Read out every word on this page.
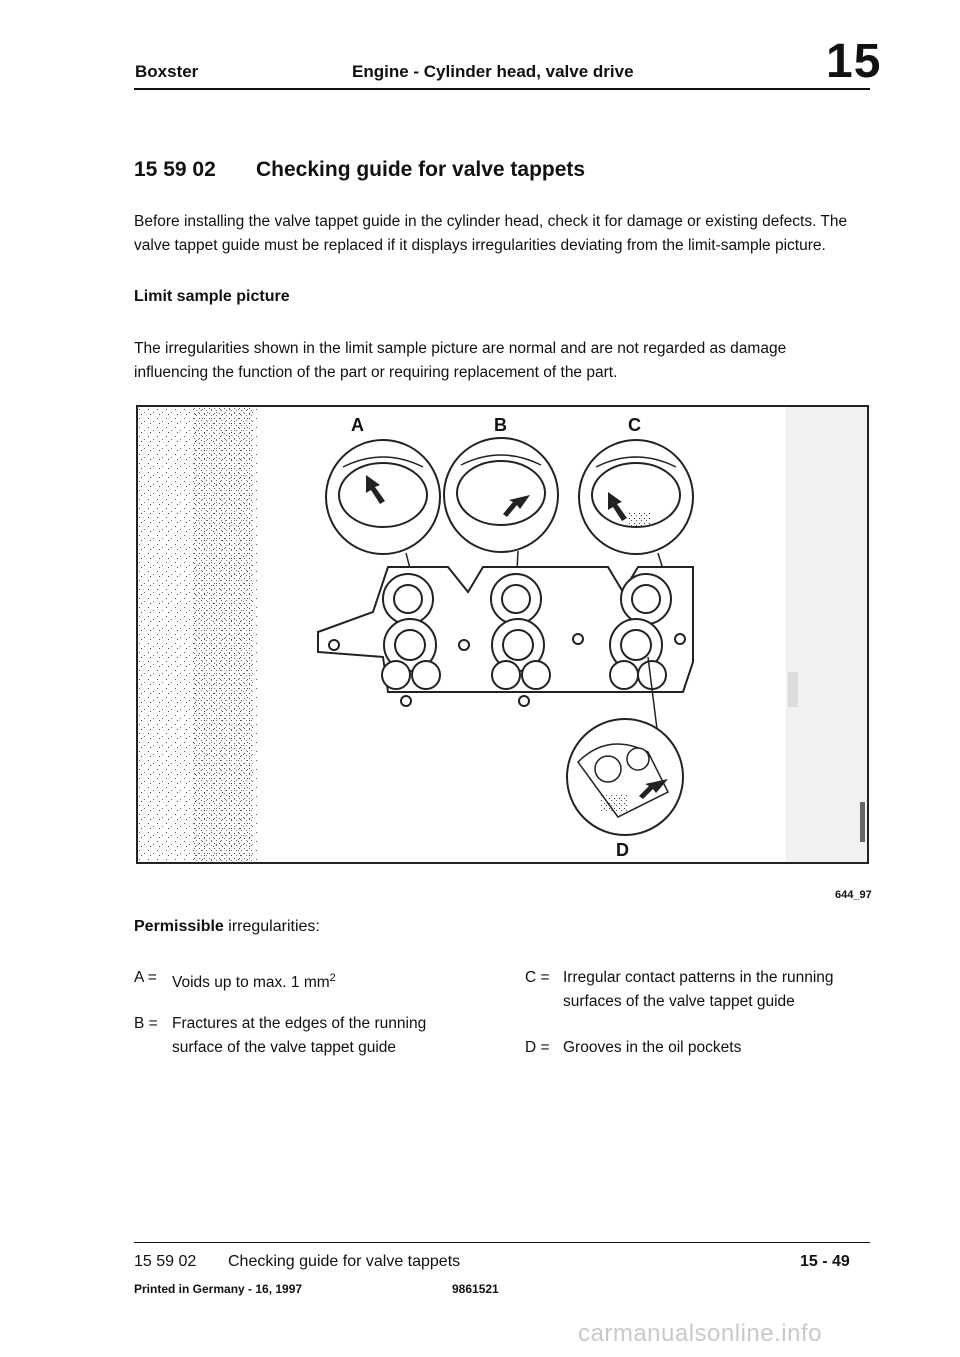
Boxster	Engine - Cylinder head, valve drive	15
15 59 02 Checking guide for valve tappets
Before installing the valve tappet guide in the cylinder head, check it for damage or existing defects. The valve tappet guide must be replaced if it displays irregularities deviating from the limit-sample picture.
Limit sample picture
The irregularities shown in the limit sample picture are normal and are not regarded as damage influencing the function of the part or requiring replacement of the part.
A	B	C
D
644_97
Permissible irregularities:
A = Voids up to max. 1 $mm^2$
B = Fractures at the edges of the running surface of the valve tappet guide
C = Irregular contact patterns in the running surfaces of the valve tappet guide
D = Grooves in the oil pockets
15 59 02 Checking guide for valve tappets	15 - 49
Printed in Germany - 16, 1997	9861521
carmanualsonline.info
